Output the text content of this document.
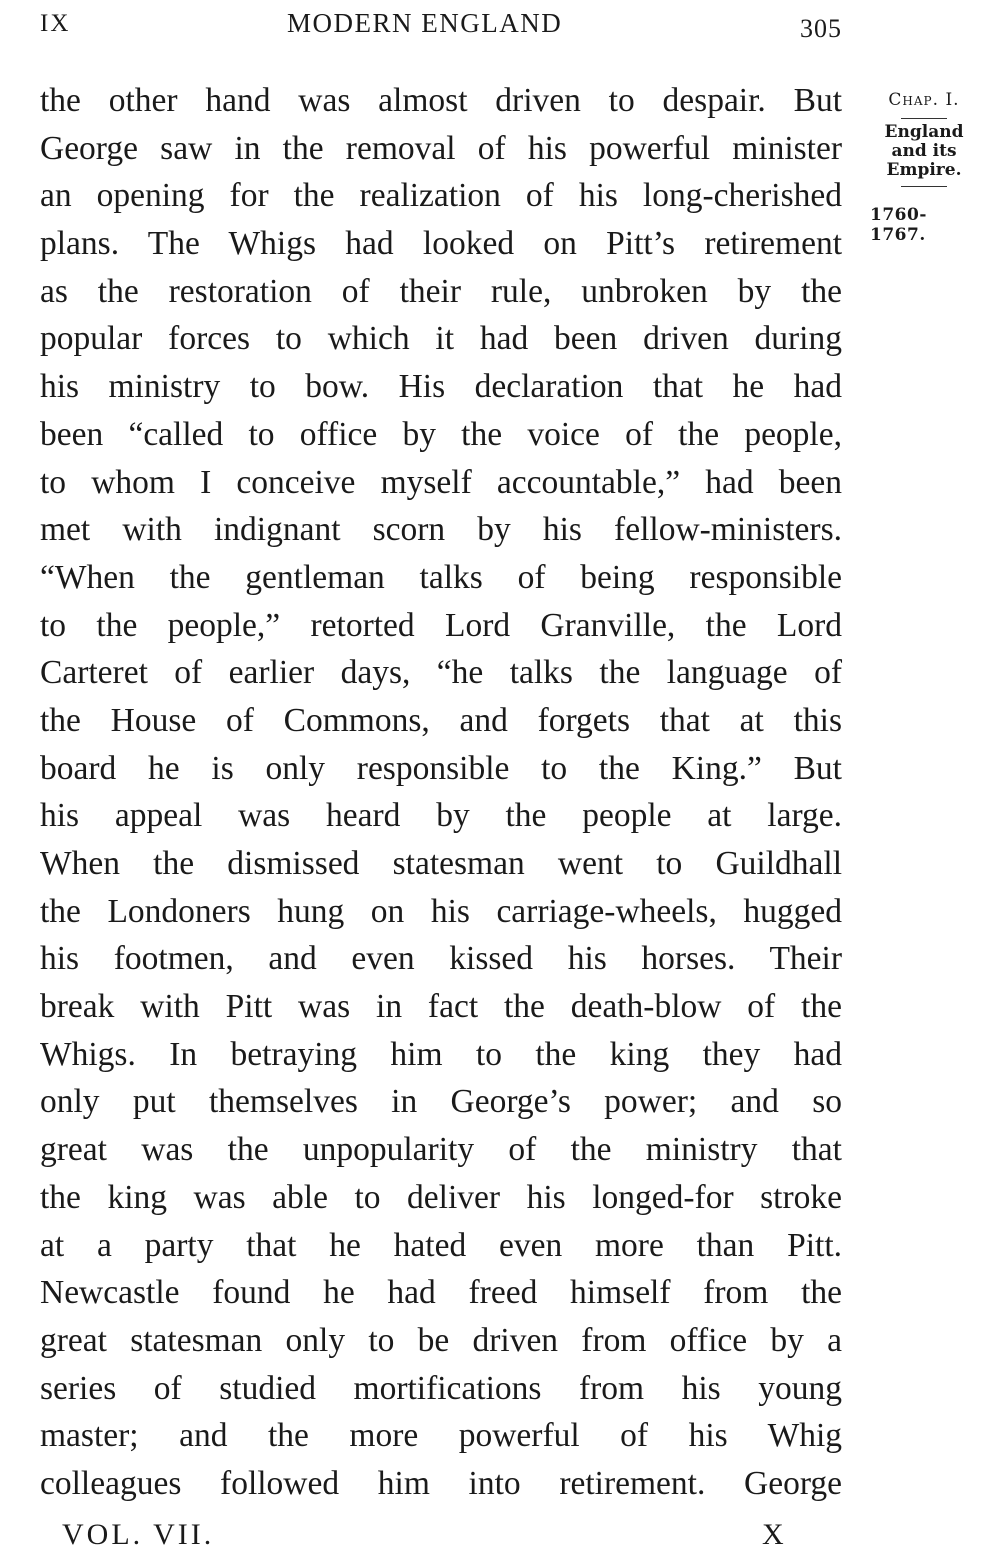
IX	MODERN ENGLAND	305
the other hand was almost driven to despair. But
George saw in the removal of his powerful minister
an opening for the realization of his long-cherished
plans. The Whigs had looked on Pitt’s retirement
as the restoration of their rule, unbroken by the
popular forces to which it had been driven during
his ministry to bow. His declaration that he had
been “called to office by the voice of the people,
to whom I conceive myself accountable,” had been
met with indignant scorn by his fellow-ministers.
“When the gentleman talks of being responsible
to the people,” retorted Lord Granville, the Lord
Carteret of earlier days, “he talks the language of
the House of Commons, and forgets that at this
board he is only responsible to the King.” But
his appeal was heard by the people at large.
When the dismissed statesman went to Guildhall
the Londoners hung on his carriage-wheels, hugged
his footmen, and even kissed his horses. Their
break with Pitt was in fact the death-blow of the
Whigs. In betraying him to the king they had
only put themselves in George’s power; and so
great was the unpopularity of the ministry that
the king was able to deliver his longed-for stroke
at a party that he hated even more than Pitt.
Newcastle found he had freed himself from the
great statesman only to be driven from office by a
series of studied mortifications from his young
master; and the more powerful of his Whig
colleagues followed him into retirement. George
Chap. I.
England
and its
Empire.
1760-1767.
VOL. VII.	X
